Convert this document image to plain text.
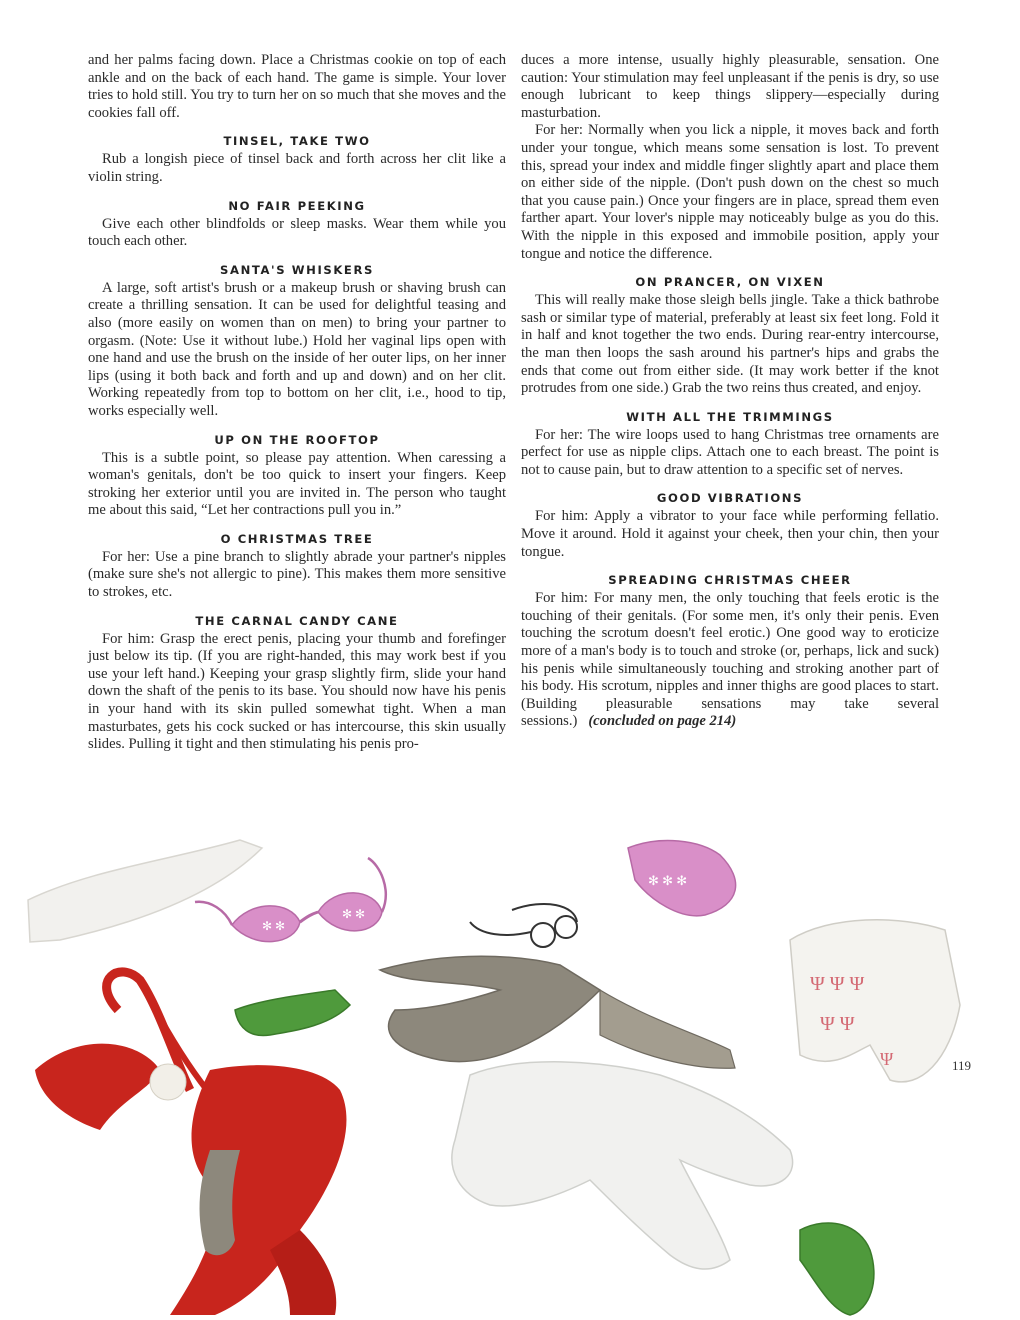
and her palms facing down. Place a Christmas cookie on top of each ankle and on the back of each hand. The game is simple. Your lover tries to hold still. You try to turn her on so much that she moves and the cookies fall off.

TINSEL, TAKE TWO

Rub a longish piece of tinsel back and forth across her clit like a violin string.

NO FAIR PEEKING

Give each other blindfolds or sleep masks. Wear them while you touch each other.

SANTA'S WHISKERS

A large, soft artist's brush or a makeup brush or shaving brush can create a thrilling sensation. It can be used for delightful teasing and also (more easily on women than on men) to bring your partner to orgasm. (Note: Use it without lube.) Hold her vaginal lips open with one hand and use the brush on the inside of her outer lips, on her inner lips (using it both back and forth and up and down) and on her clit. Working repeatedly from top to bottom on her clit, i.e., hood to tip, works especially well.

UP ON THE ROOFTOP

This is a subtle point, so please pay attention. When caressing a woman's genitals, don't be too quick to insert your fingers. Keep stroking her exterior until you are invited in. The person who taught me about this said, “Let her contractions pull you in.”

O CHRISTMAS TREE

For her: Use a pine branch to slightly abrade your partner's nipples (make sure she's not allergic to pine). This makes them more sensitive to strokes, etc.

THE CARNAL CANDY CANE

For him: Grasp the erect penis, placing your thumb and forefinger just below its tip. (If you are right-handed, this may work best if you use your left hand.) Keeping your grasp slightly firm, slide your hand down the shaft of the penis to its base. You should now have his penis in your hand with its skin pulled somewhat tight. When a man masturbates, gets his cock sucked or has intercourse, this skin usually slides. Pulling it tight and then stimulating his penis pro-

duces a more intense, usually highly pleasurable, sensation. One caution: Your stimulation may feel unpleasant if the penis is dry, so use enough lubricant to keep things slippery—especially during masturbation.

For her: Normally when you lick a nipple, it moves back and forth under your tongue, which means some sensation is lost. To prevent this, spread your index and middle finger slightly apart and place them on either side of the nipple. (Don't push down on the chest so much that you cause pain.) Once your fingers are in place, spread them even farther apart. Your lover's nipple may noticeably bulge as you do this. With the nipple in this exposed and immobile position, apply your tongue and notice the difference.

ON PRANCER, ON VIXEN

This will really make those sleigh bells jingle. Take a thick bathrobe sash or similar type of material, preferably at least six feet long. Fold it in half and knot together the two ends. During rear-entry intercourse, the man then loops the sash around his partner's hips and grabs the ends that come out from either side. (It may work better if the knot protrudes from one side.) Grab the two reins thus created, and enjoy.

WITH ALL THE TRIMMINGS

For her: The wire loops used to hang Christmas tree ornaments are perfect for use as nipple clips. Attach one to each breast. The point is not to cause pain, but to draw attention to a specific set of nerves.

GOOD VIBRATIONS

For him: Apply a vibrator to your face while performing fellatio. Move it around. Hold it against your cheek, then your chin, then your tongue.

SPREADING CHRISTMAS CHEER

For him: For many men, the only touching that feels erotic is the touching of their genitals. (For some men, it's only their penis. Even touching the scrotum doesn't feel erotic.) One good way to eroticize more of a man's body is to touch and stroke (or, perhaps, lick and suck) his penis while simultaneously touching and stroking another part of his body. His scrotum, nipples and inner thighs are good places to start. (Building pleasurable sensations may take several sessions.) (concluded on page 214)

✻ ✻
✻ ✻
✻ ✻ ✻
Ψ Ψ Ψ
Ψ Ψ
Ψ	119
